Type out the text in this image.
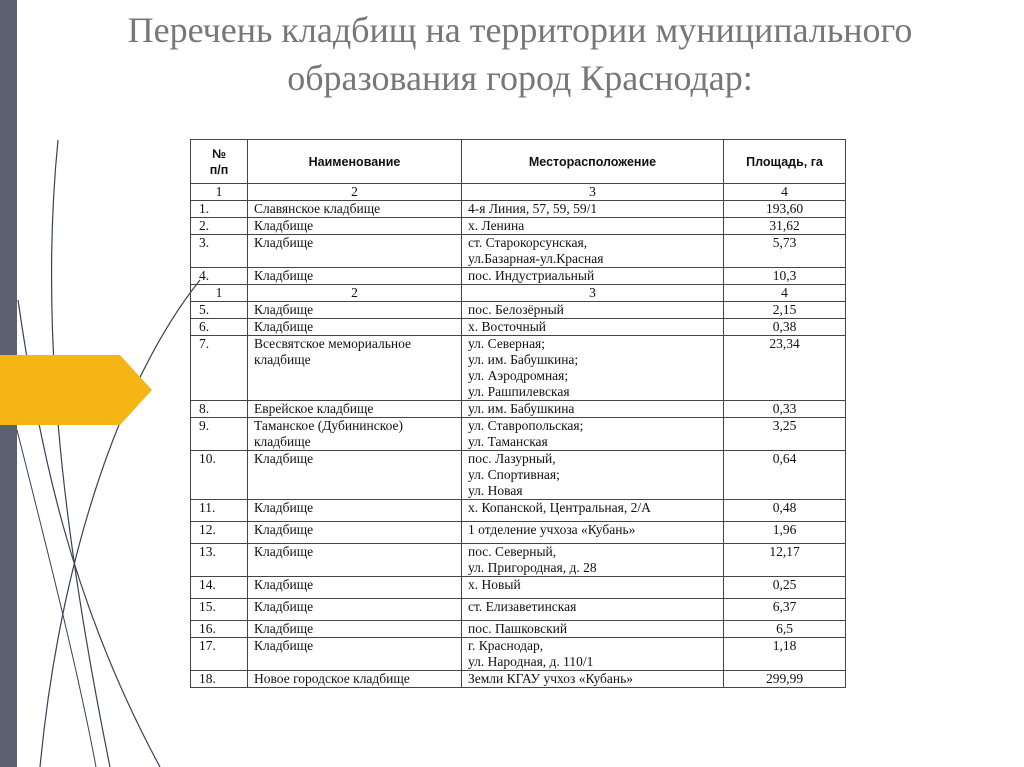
Перечень кладбищ на территории муниципального
образования город Краснодар:
№
п/п	Наименование	Месторасположение	Площадь, га
1	2	3	4

1.	Славянское кладбище	4-я Линия, 57, 59, 59/1	193,60

2.	Кладбище	х. Ленина	31,62

3.	Кладбище	ст. Старокорсунская,
ул.Базарная-ул.Красная	5,73

4.	Кладбище	пос. Индустриальный	10,3

1	2	3	4

5.	Кладбище	пос. Белозёрный	2,15

6.	Кладбище	х. Восточный	0,38

7.	Всесвятское мемориальное
кладбище	ул. Северная;
ул. им. Бабушкина;
ул. Аэродромная;
ул. Рашпилевская	23,34

8.	Еврейское кладбище	ул. им. Бабушкина	0,33

9.	Таманское (Дубининское)
кладбище	ул. Ставропольская;
ул. Таманская	3,25

10.	Кладбище	пос. Лазурный,
ул. Спортивная;
ул. Новая	0,64

11.	Кладбище	х. Копанской, Центральная, 2/А	0,48

12.	Кладбище	1 отделение учхоза «Кубань»	1,96

13.	Кладбище	пос. Северный,
ул. Пригородная, д. 28	12,17

14.	Кладбище	х. Новый	0,25

15.	Кладбище	ст. Елизаветинская	6,37

16.	Кладбище	пос. Пашковский	6,5

17.	Кладбище	г. Краснодар,
ул. Народная, д. 110/1	1,18

18.	Новое городское кладбище	Земли КГАУ учхоз «Кубань»	299,99
